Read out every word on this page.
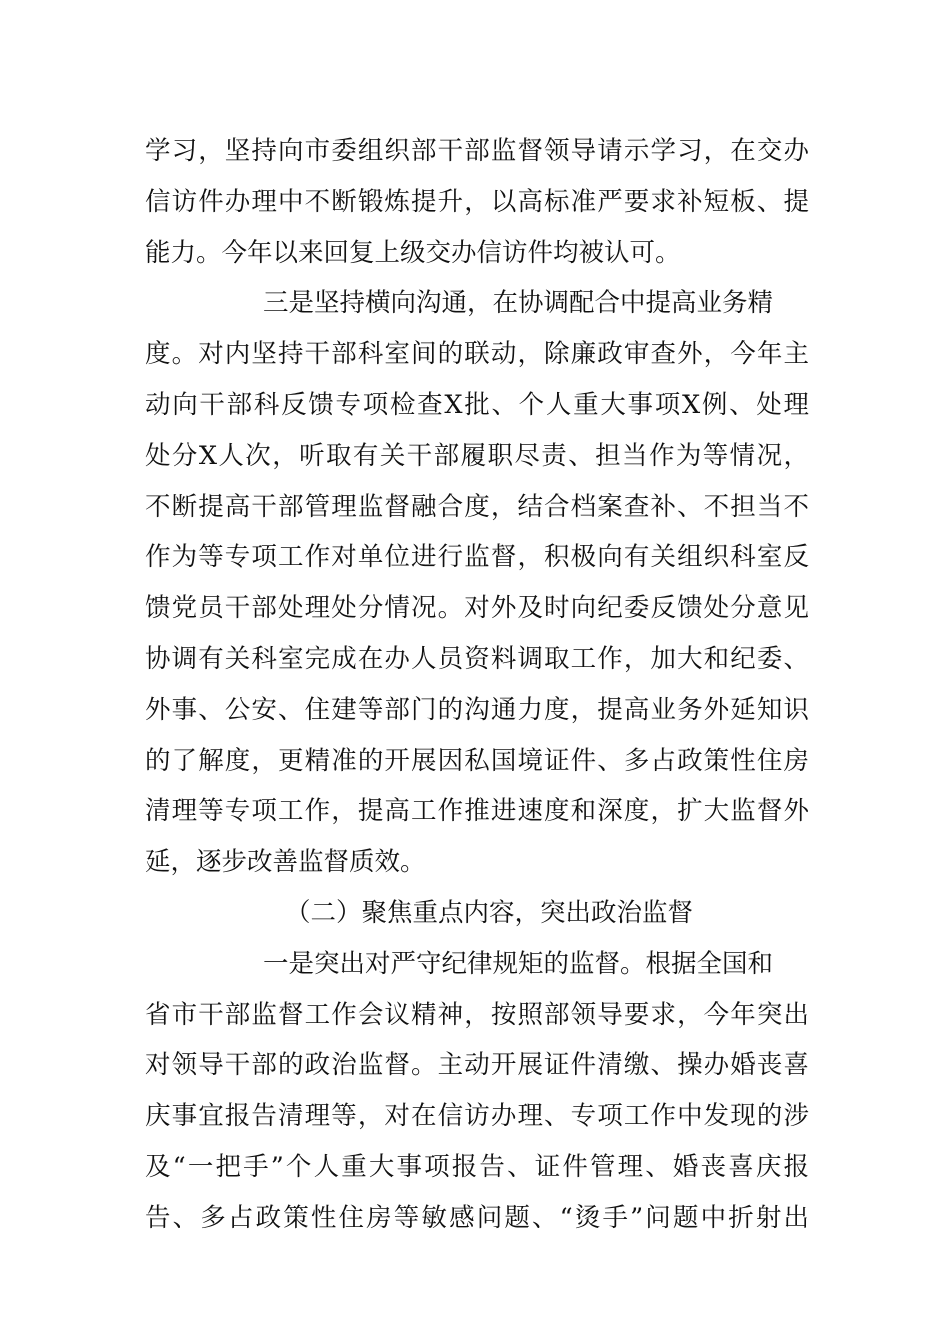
学习，坚持向市委组织部干部监督领导请示学习，在交办
信访件办理中不断锻炼提升，以高标准严要求补短板、提
能力。今年以来回复上级交办信访件均被认可。
三是坚持横向沟通，在协调配合中提高业务精
度。对内坚持干部科室间的联动，除廉政审查外，今年主
动向干部科反馈专项检查X批、个人重大事项X例、处理
处分X人次，听取有关干部履职尽责、担当作为等情况，
不断提高干部管理监督融合度，结合档案查补、不担当不
作为等专项工作对单位进行监督，积极向有关组织科室反
馈党员干部处理处分情况。对外及时向纪委反馈处分意见
协调有关科室完成在办人员资料调取工作，加大和纪委、
外事、公安、住建等部门的沟通力度，提高业务外延知识
的了解度，更精准的开展因私国境证件、多占政策性住房
清理等专项工作，提高工作推进速度和深度，扩大监督外
延，逐步改善监督质效。
（二）聚焦重点内容，突出政治监督
一是突出对严守纪律规矩的监督。根据全国和
省市干部监督工作会议精神，按照部领导要求，今年突出
对领导干部的政治监督。主动开展证件清缴、操办婚丧喜
庆事宜报告清理等，对在信访办理、专项工作中发现的涉
及“一把手”个人重大事项报告、证件管理、婚丧喜庆报
告、多占政策性住房等敏感问题、“烫手”问题中折射出
